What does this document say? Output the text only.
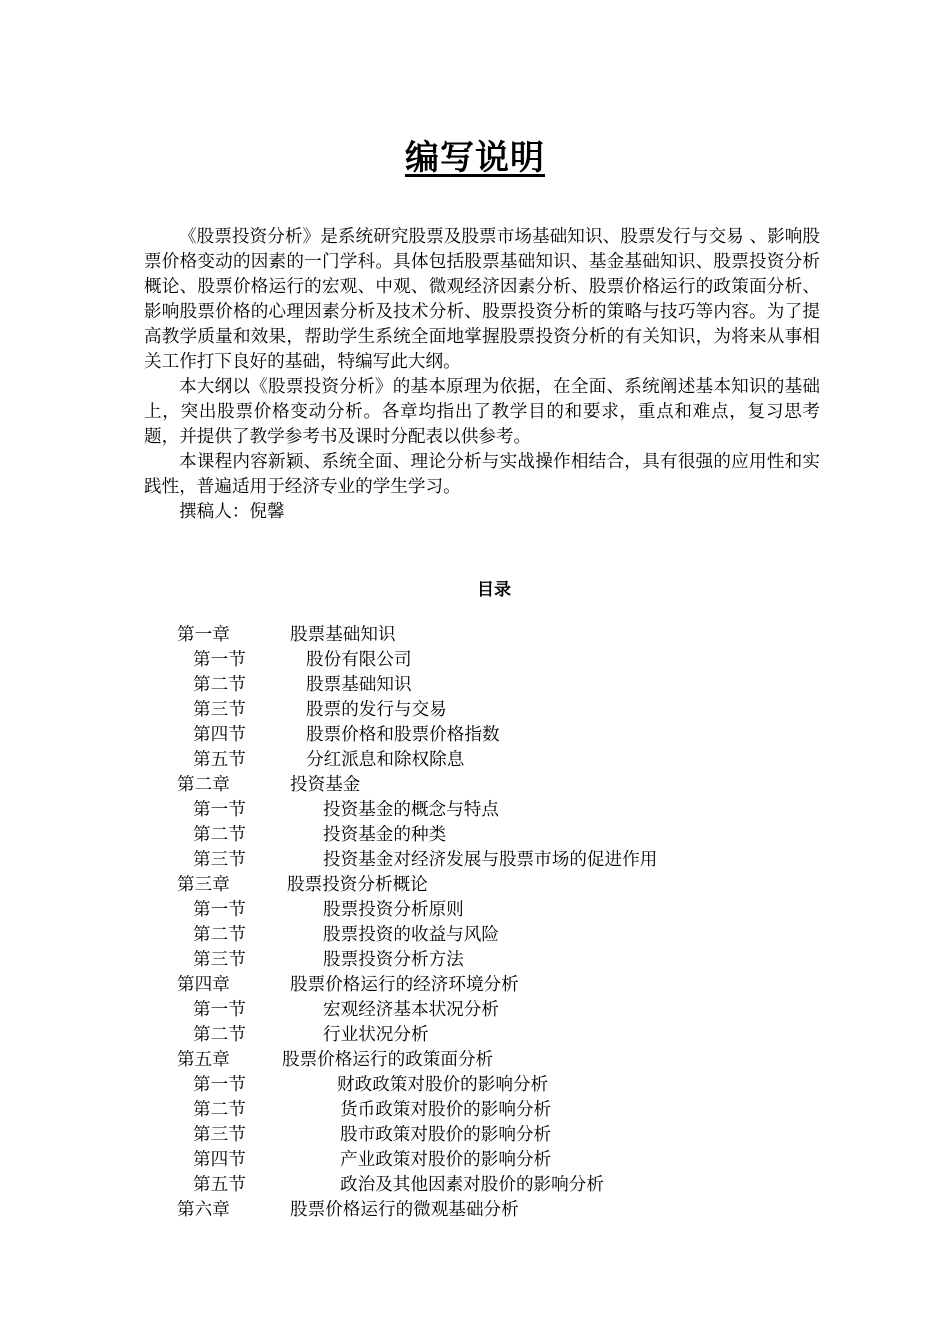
编写说明

《股票投资分析》是系统研究股票及股票市场基础知识、股票发行与交易 、影响股票价格变动的因素的一门学科。具体包括股票基础知识、基金基础知识、股票投资分析概论、股票价格运行的宏观、中观、微观经济因素分析、股票价格运行的政策面分析、影响股票价格的心理因素分析及技术分析、股票投资分析的策略与技巧等内容。为了提高教学质量和效果，帮助学生系统全面地掌握股票投资分析的有关知识，为将来从事相关工作打下良好的基础，特编写此大纲。

本大纲以《股票投资分析》的基本原理为依据，在全面、系统阐述基本知识的基础上，突出股票价格变动分析。各章均指出了教学目的和要求，重点和难点，复习思考题，并提供了教学参考书及课时分配表以供参考。

本课程内容新颖、系统全面、理论分析与实战操作相结合，具有很强的应用性和实践性，普遍适用于经济专业的学生学习。

撰稿人：倪馨

目录
第一章	股票基础知识
第一节	股份有限公司
第二节	股票基础知识
第三节	股票的发行与交易
第四节	股票价格和股票价格指数
第五节	分红派息和除权除息
第二章	投资基金
第一节	投资基金的概念与特点
第二节	投资基金的种类
第三节	投资基金对经济发展与股票市场的促进作用
第三章	股票投资分析概论
第一节	股票投资分析原则
第二节	股票投资的收益与风险
第三节	股票投资分析方法
第四章	股票价格运行的经济环境分析
第一节	宏观经济基本状况分析
第二节	行业状况分析
第五章	股票价格运行的政策面分析
第一节	财政政策对股价的影响分析
第二节	货币政策对股价的影响分析
第三节	股市政策对股价的影响分析
第四节	产业政策对股价的影响分析
第五节	政治及其他因素对股价的影响分析
第六章	股票价格运行的微观基础分析
